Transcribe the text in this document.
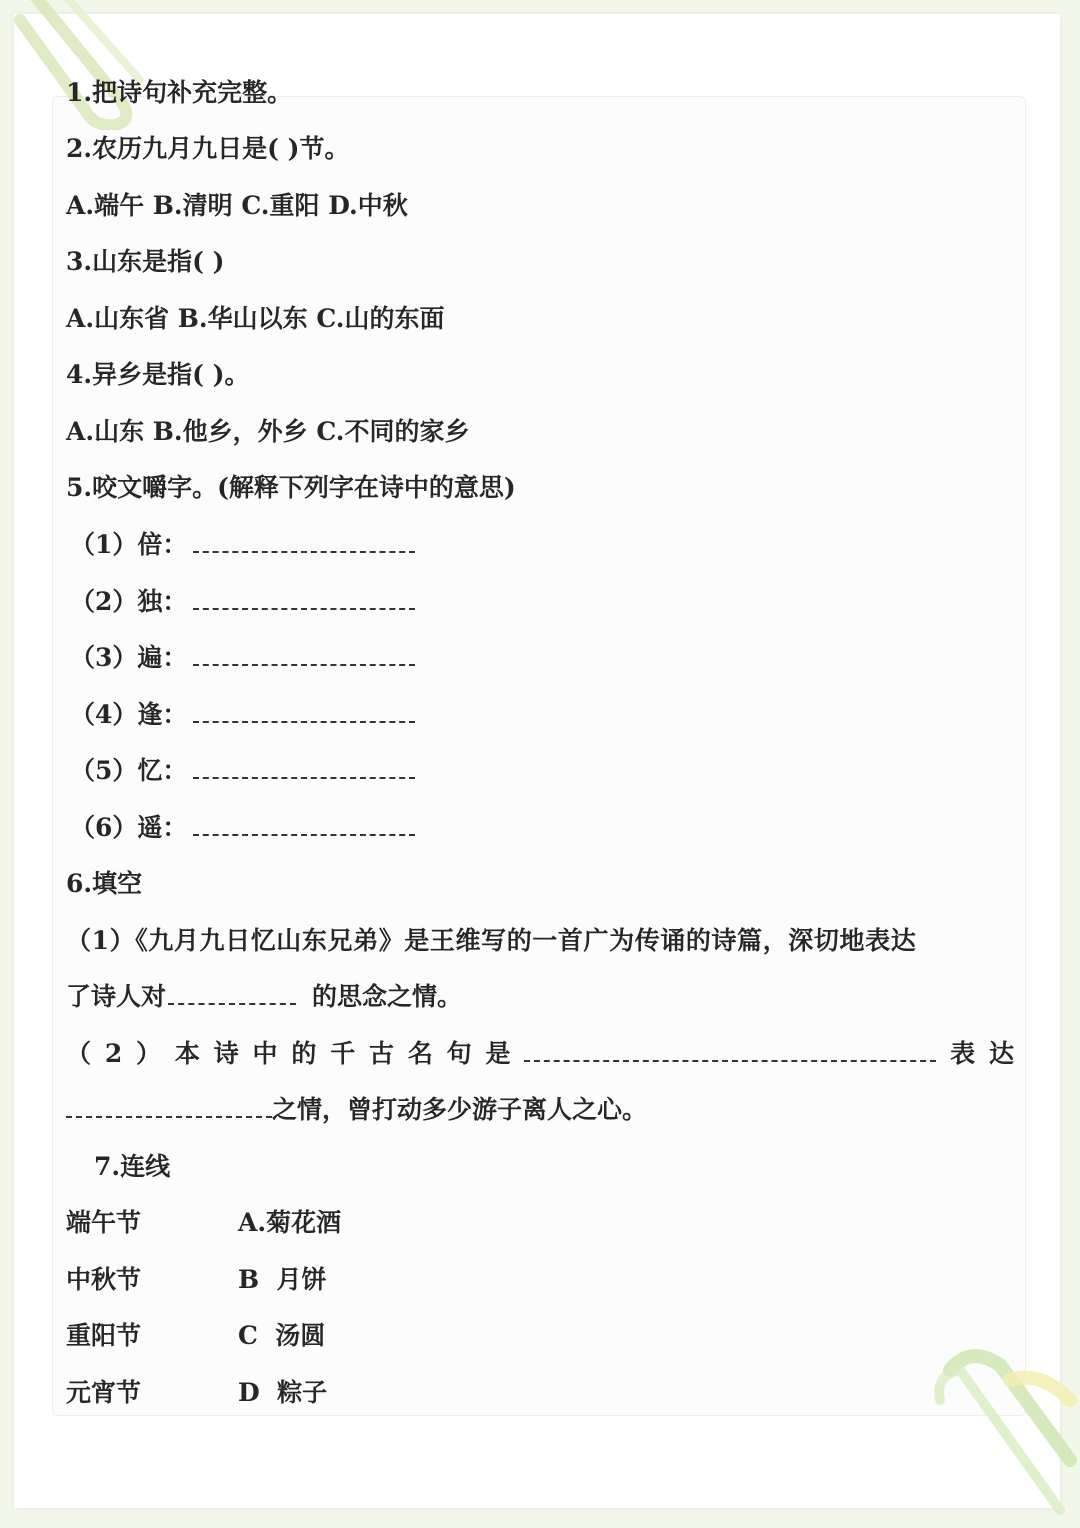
1.把诗句补充完整。
2.农历九月九日是( )节。
A.端午 B.清明 C.重阳 D.中秋
3.山东是指( )
A.山东省 B.华山以东 C.山的东面
4.异乡是指( )。
A.山东 B.他乡，外乡 C.不同的家乡
5.咬文嚼字。(解释下列字在诗中的意思)
（1）倍：
（2）独：
（3）遍：
（4）逢：
（5）忆：
（6）遥：
6.填空
（1）《九月九日忆山东兄弟》是王维写的一首广为传诵的诗篇，深切地表达
了诗人对	的思念之情。
（ 2 ） 本 诗 中 的 千 古 名 句 是	表 达
之情，曾打动多少游子离人之心。
7.连线
端午节
中秋节
重阳节
元宵节
A.菊花酒
B  月饼
C  汤圆
D  粽子
